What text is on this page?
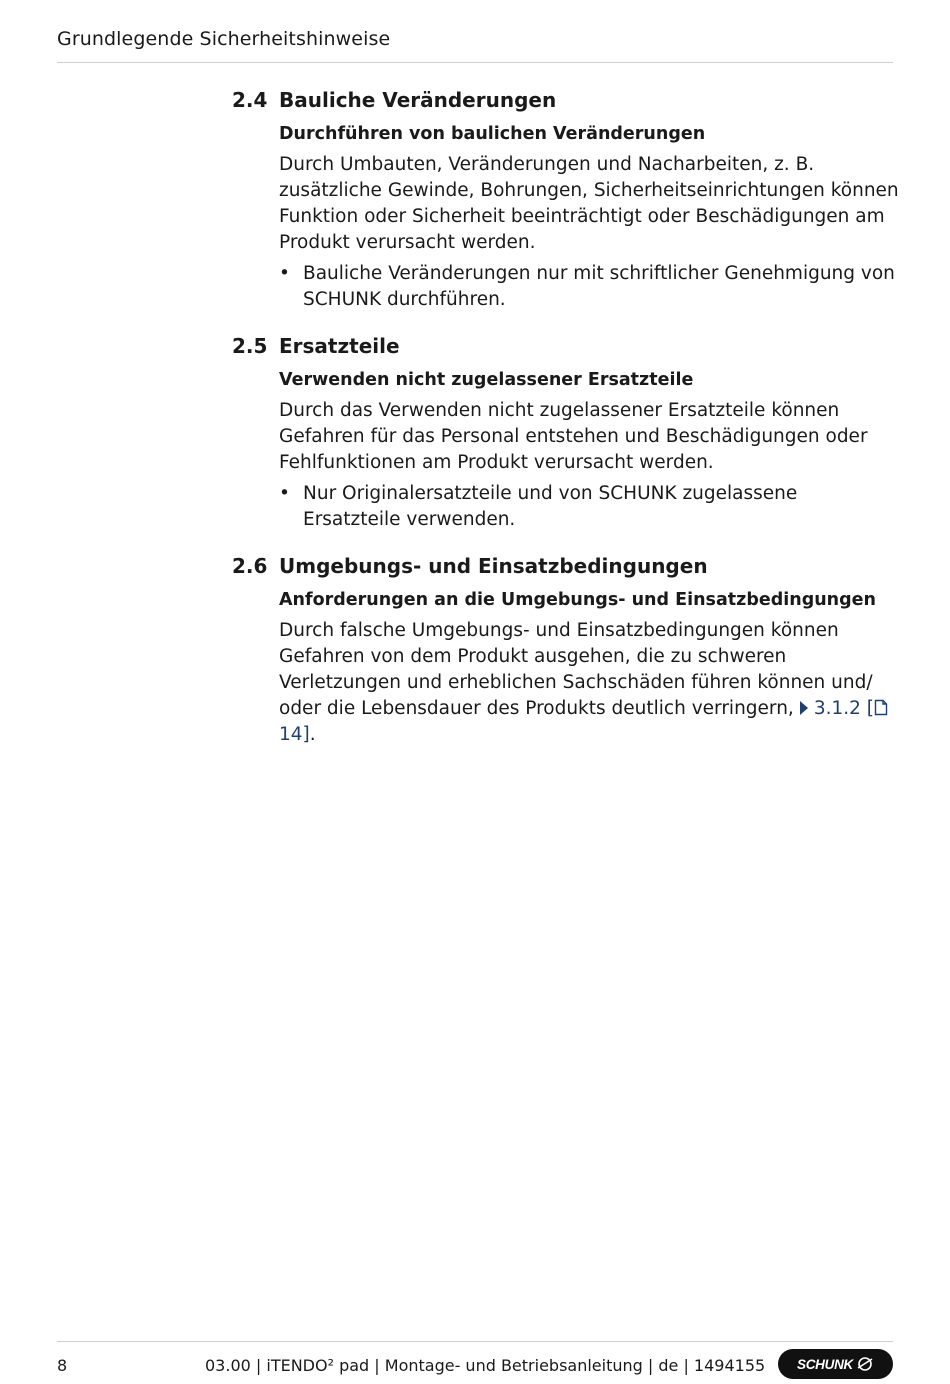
Grundlegende Sicherheitshinweise
2.4 Bauliche Veränderungen
Durchführen von baulichen Veränderungen
Durch Umbauten, Veränderungen und Nacharbeiten, z. B. zusätzliche Gewinde, Bohrungen, Sicherheitseinrichtungen können Funktion oder Sicherheit beeinträchtigt oder Beschädigungen am Produkt verursacht werden.
• Bauliche Veränderungen nur mit schriftlicher Genehmigung von SCHUNK durchführen.
2.5 Ersatzteile
Verwenden nicht zugelassener Ersatzteile
Durch das Verwenden nicht zugelassener Ersatzteile können Gefahren für das Personal entstehen und Beschädigungen oder Fehlfunktionen am Produkt verursacht werden.
• Nur Originalersatzteile und von SCHUNK zugelassene Ersatzteile verwenden.
2.6 Umgebungs- und Einsatzbedingungen
Anforderungen an die Umgebungs- und Einsatzbedingungen
Durch falsche Umgebungs- und Einsatzbedingungen können Gefahren von dem Produkt ausgehen, die zu schweren Verletzungen und erheblichen Sachschäden führen können und/ oder die Lebensdauer des Produkts deutlich verringern, 3.1.2 [ 14].
8	03.00 | iTENDO² pad | Montage- und Betriebsanleitung | de | 1494155 SCHUNK
